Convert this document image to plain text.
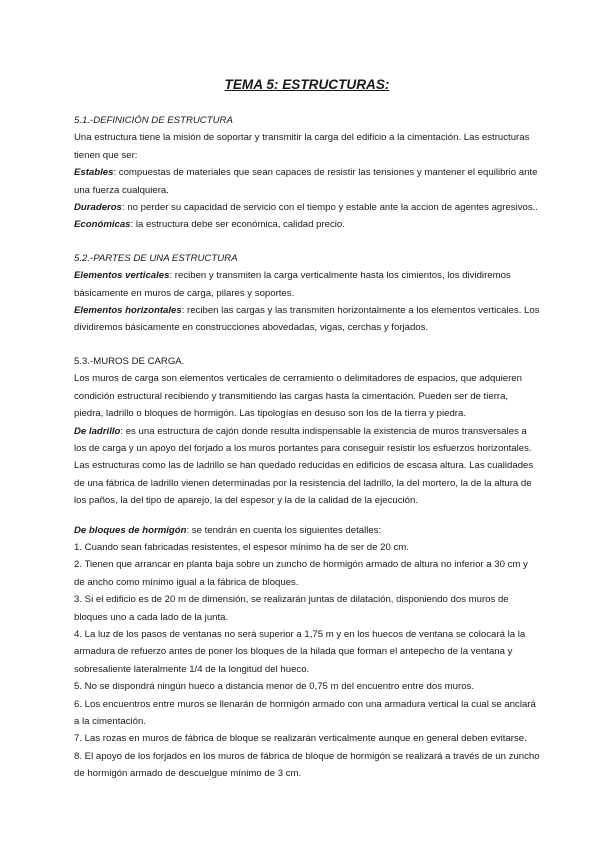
TEMA 5: ESTRUCTURAS:

5.1.-DEFINICIÓN DE ESTRUCTURA

Una estructura tiene la misión de soportar y transmitir la carga del edificio a la cimentación. Las estructuras tienen que ser:

Estables: compuestas de materiales que sean capaces de resistir las tensiones y mantener el equilibrio ante una fuerza cualquiera.

Duraderos: no perder su capacidad de servicio con el tiempo y estable ante la accion de agentes agresivos..

Económicas: la estructura debe ser económica, calidad precio.

5.2.-PARTES DE UNA ESTRUCTURA

Elementos verticales: reciben y transmiten la carga verticalmente hasta los cimientos, los dividiremos básicamente en muros de carga, pilares y soportes.

Elementos horizontales: reciben las cargas y las transmiten horizontalmente a los elementos verticales. Los dividiremos básicamente en construcciones abovedadas, vigas, cerchas y forjados.

5.3.-MUROS DE CARGA.

Los muros de carga son elementos verticales de cerramiento o delimitadores de espacios, que adquieren condición estructural recibiendo y transmitiendo las cargas hasta la cimentación. Pueden ser de tierra, piedra, ladrillo o bloques de hormigón. Las tipologías en desuso son los de la tierra y piedra.

De ladrillo: es una estructura de cajón donde resulta indispensable la existencia de muros transversales a los de carga y un apoyo del forjado a los muros portantes para conseguir resistir los esfuerzos horizontales. Las estructuras como las de ladrillo se han quedado reducidas en edificios de escasa altura. Las cualidades de una fábrica de ladrillo vienen determinadas por la resistencia del ladrillo, la del mortero, la de la altura de los paños, la del tipo de aparejo, la del espesor y la de la calidad de la ejecución.

De bloques de hormigón: se tendrán en cuenta los siguientes detalles:

1. Cuando sean fabricadas resistentes, el espesor mínimo ha de ser de 20 cm.

2. Tienen que arrancar en planta baja sobre un zuncho de hormigón armado de altura no inferior a 30 cm y de ancho como mínimo igual a la fábrica de bloques.

3. Si el edificio es de 20 m de dimensión, se realizarán juntas de dilatación, disponiendo dos muros de bloques uno a cada lado de la junta.

4. La luz de los pasos de ventanas no será superior a 1,75 m y en los huecos de ventana se colocará la la armadura de refuerzo antes de poner los bloques de la hilada que forman el antepecho de la ventana y sobresaliente lateralmente 1/4 de la longitud del hueco.

5. No se dispondrá ningún hueco a distancia menor de 0,75 m del encuentro entre dos muros.

6. Los encuentros entre muros se llenarán de hormigón armado con una armadura vertical la cual se anclará a la cimentación.

7. Las rozas en muros de fábrica de bloque se realizarán verticalmente aunque en general deben evitarse.

8. El apoyo de los forjados en los muros de fábrica de bloque de hormigón se realizará a través de un zuncho de hormigón armado de descuelgue mínimo de 3 cm.
